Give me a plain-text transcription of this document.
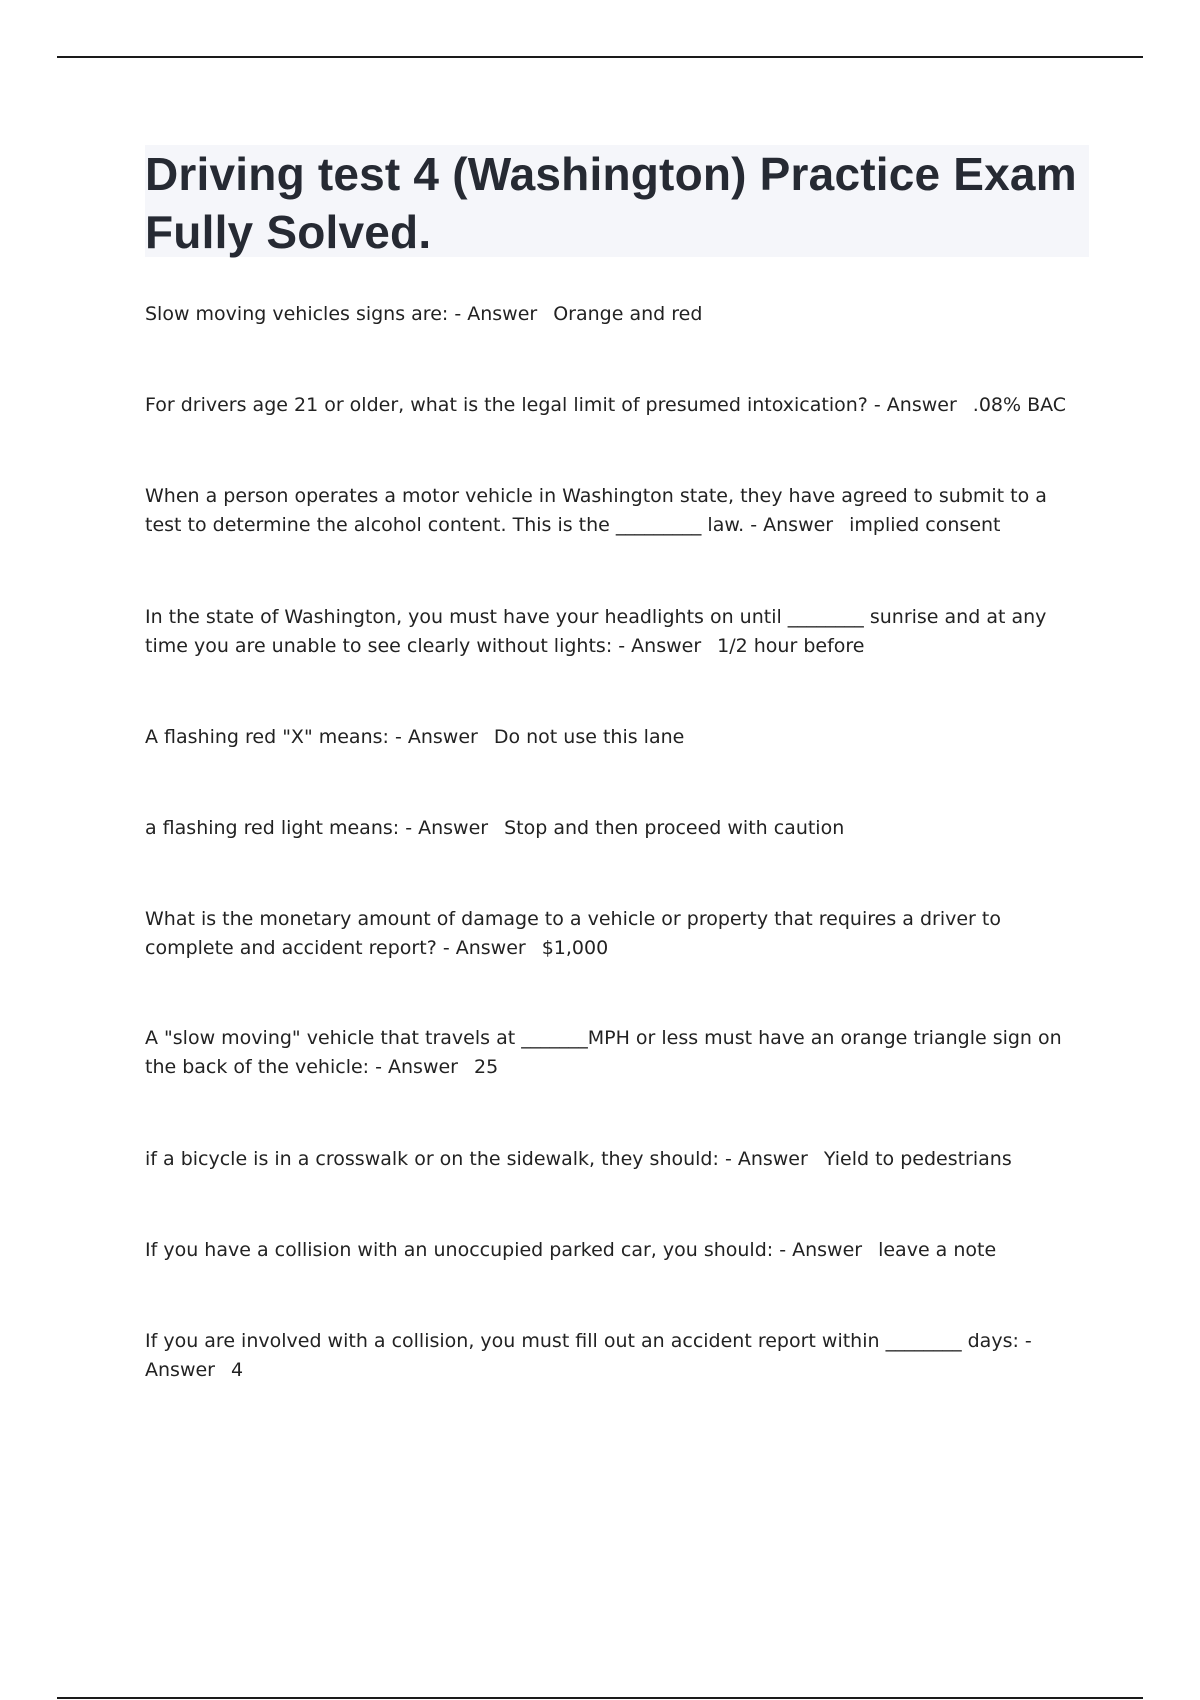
Driving test 4 (Washington) Practice Exam Fully Solved.
Slow moving vehicles signs are: - Answer Orange and red
For drivers age 21 or older, what is the legal limit of presumed intoxication? - Answer .08% BAC
When a person operates a motor vehicle in Washington state, they have agreed to submit to a test to determine the alcohol content. This is the _________ law. - Answer implied consent
In the state of Washington, you must have your headlights on until ________ sunrise and at any time you are unable to see clearly without lights: - Answer 1/2 hour before
A flashing red "X" means: - Answer Do not use this lane
a flashing red light means: - Answer Stop and then proceed with caution
What is the monetary amount of damage to a vehicle or property that requires a driver to complete and accident report? - Answer $1,000
A "slow moving" vehicle that travels at _______MPH or less must have an orange triangle sign on the back of the vehicle: - Answer 25
if a bicycle is in a crosswalk or on the sidewalk, they should: - Answer Yield to pedestrians
If you have a collision with an unoccupied parked car, you should: - Answer leave a note
If you are involved with a collision, you must fill out an accident report within ________ days: - Answer 4
